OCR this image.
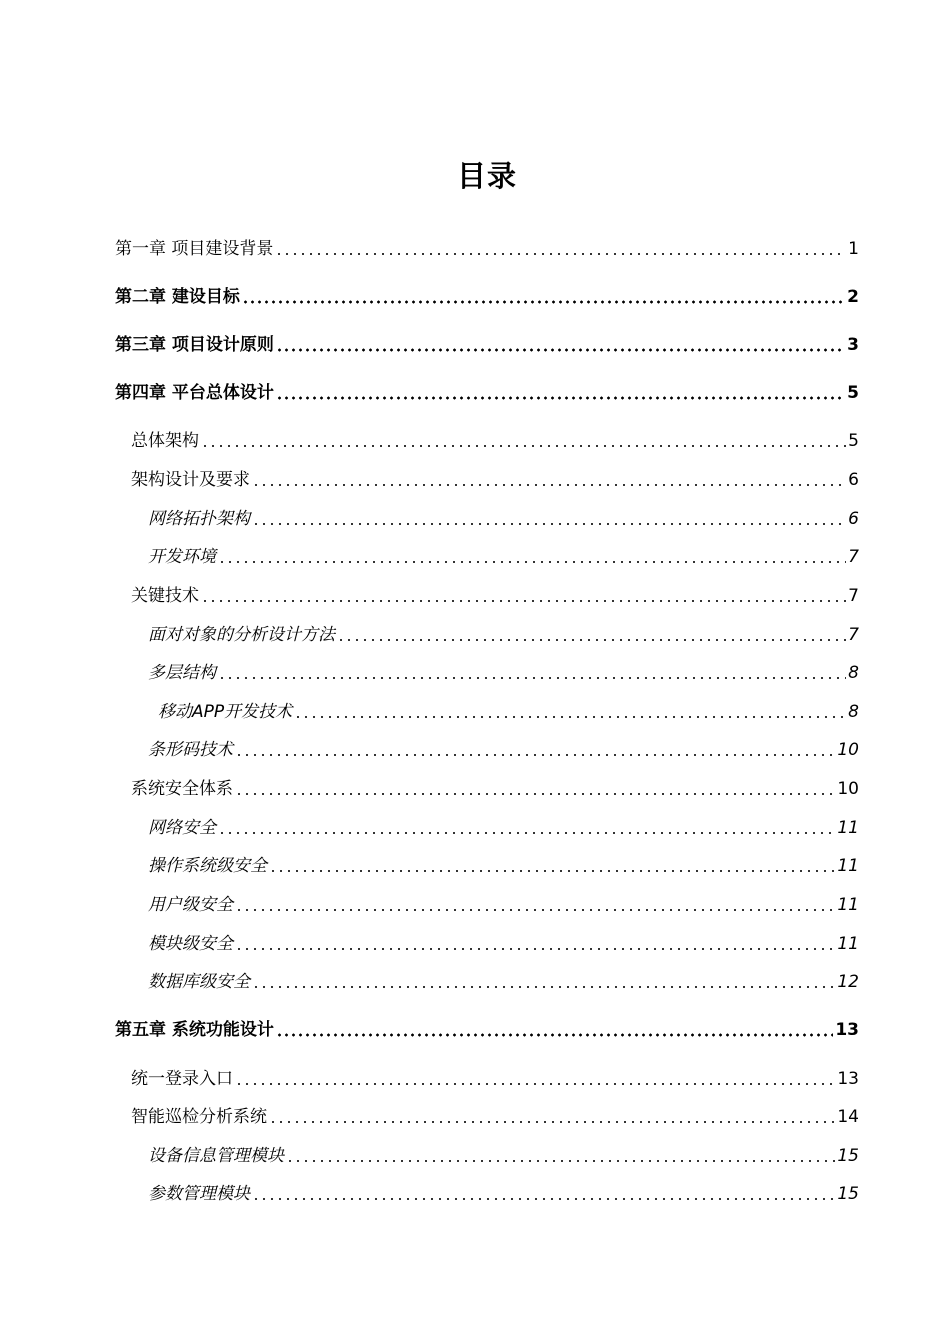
目录
第一章 项目建设背景	1
第二章 建设目标	2
第三章 项目设计原则	3
第四章 平台总体设计	5
总体架构	5
架构设计及要求	6
网络拓扑架构	6
开发环境	7
关键技术	7
面对对象的分析设计方法	7
多层结构	8
移动APP开发技术	8
条形码技术	10
系统安全体系	10
网络安全	11
操作系统级安全	11
用户级安全	11
模块级安全	11
数据库级安全	12
第五章 系统功能设计	13
统一登录入口	13
智能巡检分析系统	14
设备信息管理模块	15
参数管理模块	15
